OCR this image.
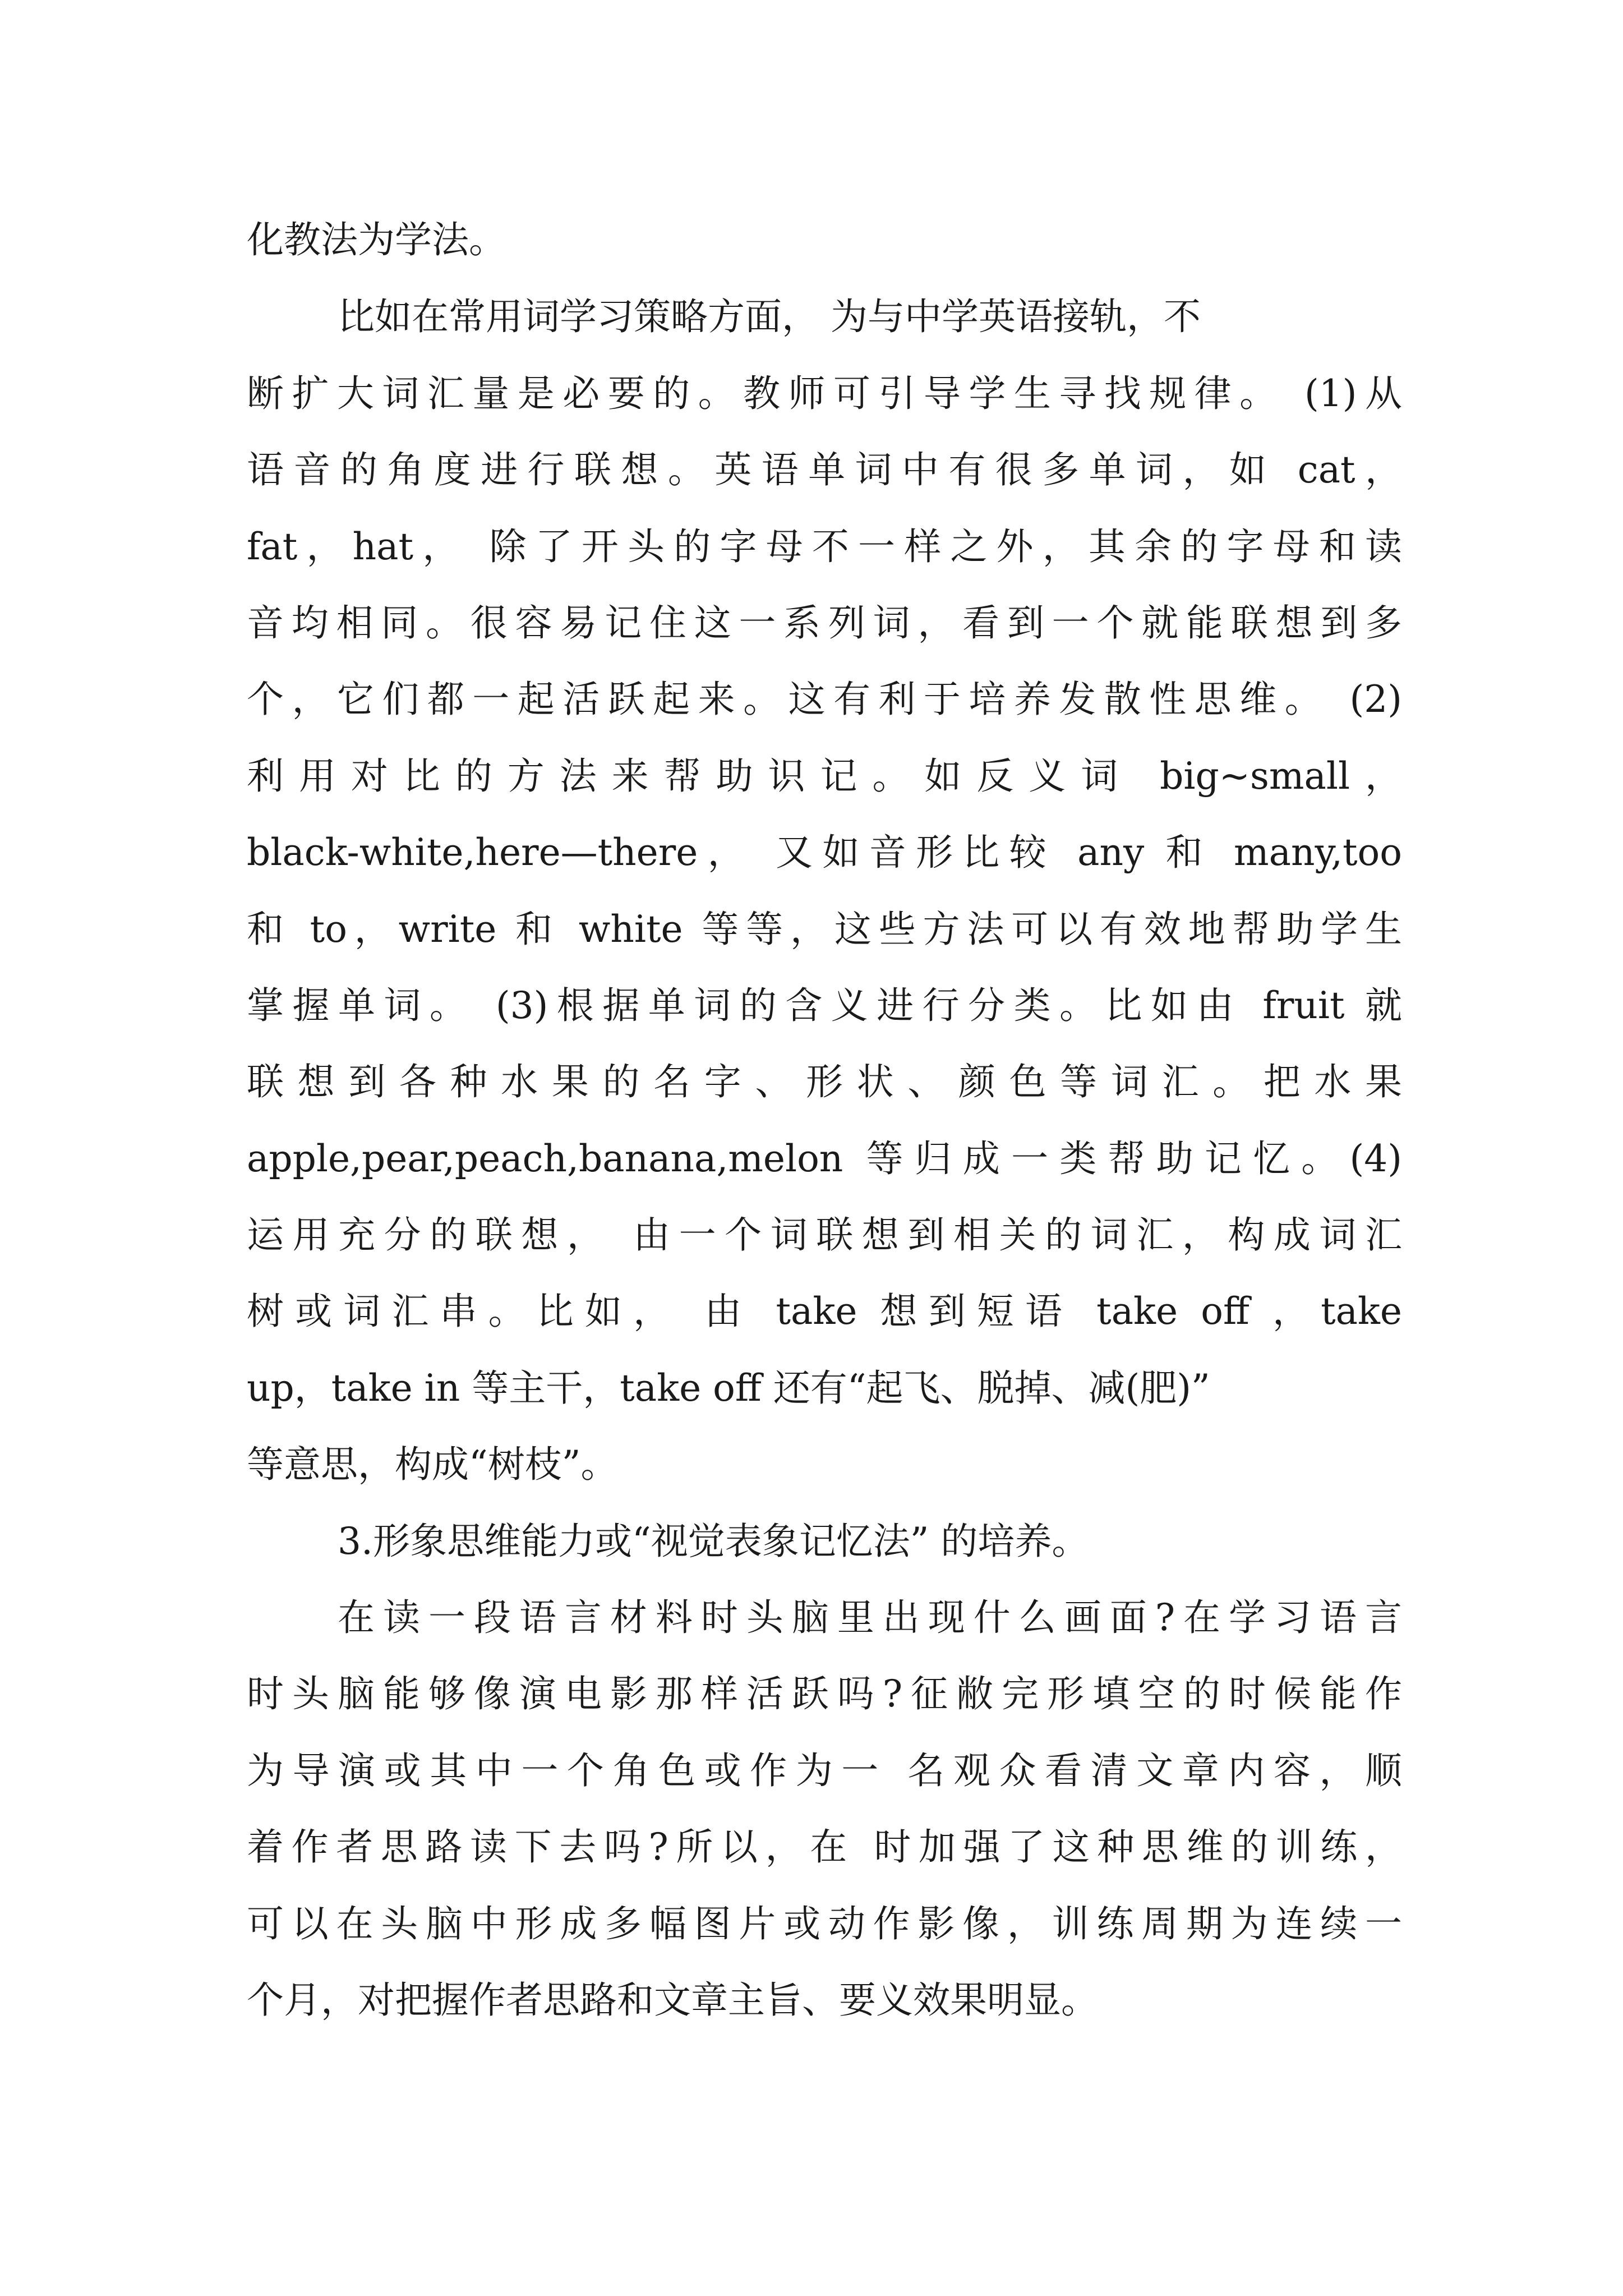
化教法为学法。
比如在常用词学习策略方面， 为与中学英语接轨，不
断扩大词汇量是必要的。教师可引导学生寻找规律。 (1)从
语音的角度进行联想。英语单词中有很多单词，如 cat，
fat，hat， 除了开头的字母不一样之外，其余的字母和读
音均相同。很容易记住这一系列词，看到一个就能联想到多
个，它们都一起活跃起来。这有利于培养发散性思维。 (2)
利用对比的方法来帮助识记。如反义词 big~small，
black-white,here—there， 又如音形比较 any 和 many,too
和 to，write 和 white 等等，这些方法可以有效地帮助学生
掌握单词。 (3)根据单词的含义进行分类。比如由 fruit 就
联想到各种水果的名字、形状、颜色等词汇。把水果
apple,pear,peach,banana,melon 等归成一类帮助记忆。(4)
运用充分的联想， 由一个词联想到相关的词汇，构成词汇
树或词汇串。比如， 由 take 想到短语 take off ，take
up，take in 等主干，take off 还有“起飞、脱掉、减(肥)”
等意思，构成“树枝”。
3.形象思维能力或“视觉表象记忆法” 的培养。
在读一段语言材料时头脑里出现什么画面?在学习语言
时头脑能够像演电影那样活跃吗?征敝完形填空的时候能作
为导演或其中一个角色或作为一 名观众看清文章内容，顺
着作者思路读下去吗?所以，在 时加强了这种思维的训练，
可以在头脑中形成多幅图片或动作影像，训练周期为连续一
个月，对把握作者思路和文章主旨、要义效果明显。
